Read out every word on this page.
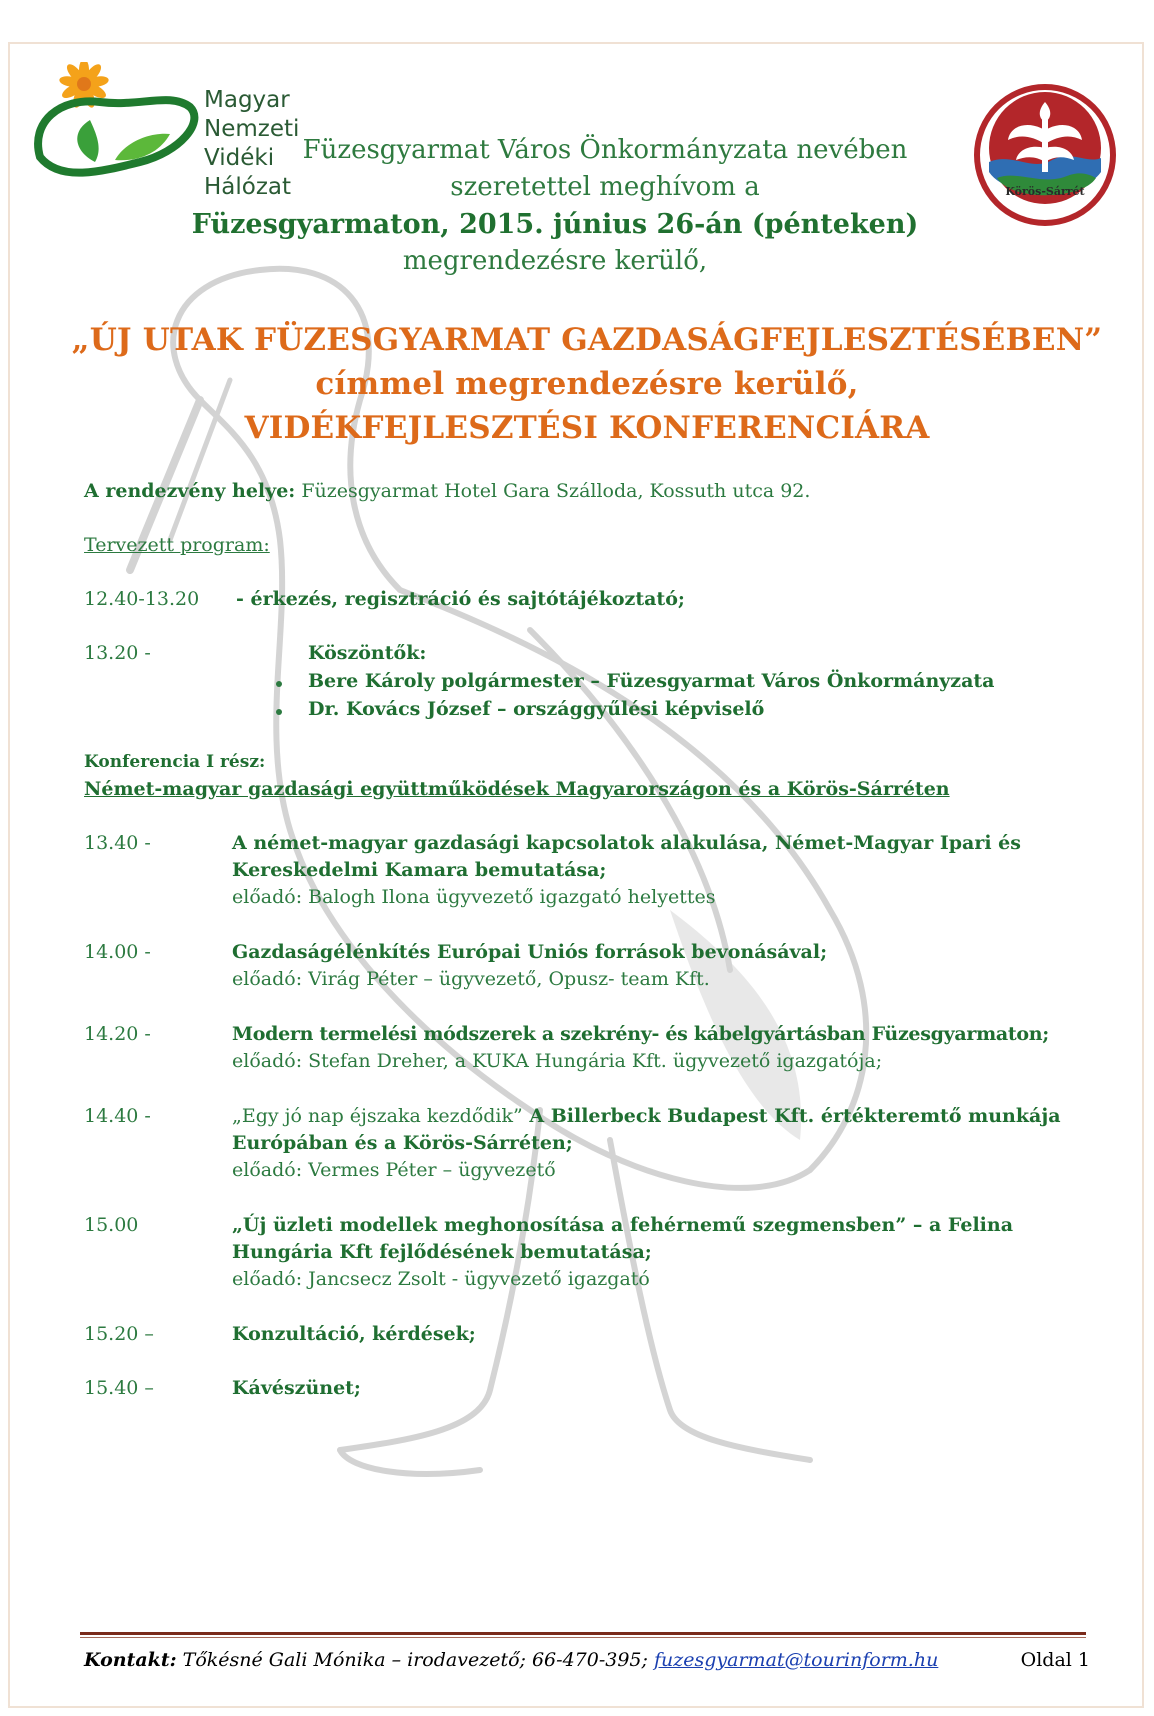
Magyar
Nemzeti
Vidéki
Hálózat	Körös-Sárrét
Füzesgyarmat Város Önkormányzata nevében
szeretettel meghívom a
Füzesgyarmaton, 2015. június 26-án (pénteken)
megrendezésre kerülő,
„ÚJ UTAK FÜZESGYARMAT GAZDASÁGFEJLESZTÉSÉBEN”
címmel megrendezésre kerülő,
VIDÉKFEJLESZTÉSI KONFERENCIÁRA
A rendezvény helye: Füzesgyarmat Hotel Gara Szálloda, Kossuth utca 92.
Tervezett program:
12.40-13.20 - érkezés, regisztráció és sajtótájékoztató;
13.20 -	Köszöntők:
Bere Károly polgármester – Füzesgyarmat Város Önkormányzata
Dr. Kovács József – országgyűlési képviselő
Konferencia I rész:
Német-magyar gazdasági együttműködések Magyarországon és a Körös-Sárréten
13.40 -	A német-magyar gazdasági kapcsolatok alakulása, Német-Magyar Ipari és
Kereskedelmi Kamara bemutatása;
előadó: Balogh Ilona ügyvezető igazgató helyettes
14.00 -	Gazdaságélénkítés Európai Uniós források bevonásával;
előadó: Virág Péter – ügyvezető, Opusz- team Kft.
14.20 -	Modern termelési módszerek a szekrény- és kábelgyártásban Füzesgyarmaton;
előadó: Stefan Dreher, a KUKA Hungária Kft. ügyvezető igazgatója;
14.40 -	„Egy jó nap éjszaka kezdődik” A Billerbeck Budapest Kft. értékteremtő munkája
Európában és a Körös-Sárréten;
előadó: Vermes Péter – ügyvezető
15.00	„Új üzleti modellek meghonosítása a fehérnemű szegmensben” – a Felina
Hungária Kft fejlődésének bemutatása;
előadó: Jancsecz Zsolt - ügyvezető igazgató
15.20 –	Konzultáció, kérdések;
15.40 –	Kávészünet;
Kontakt: Tőkésné Gali Mónika – irodavezető; 66-470-395; fuzesgyarmat@tourinform.hu	Oldal 1
